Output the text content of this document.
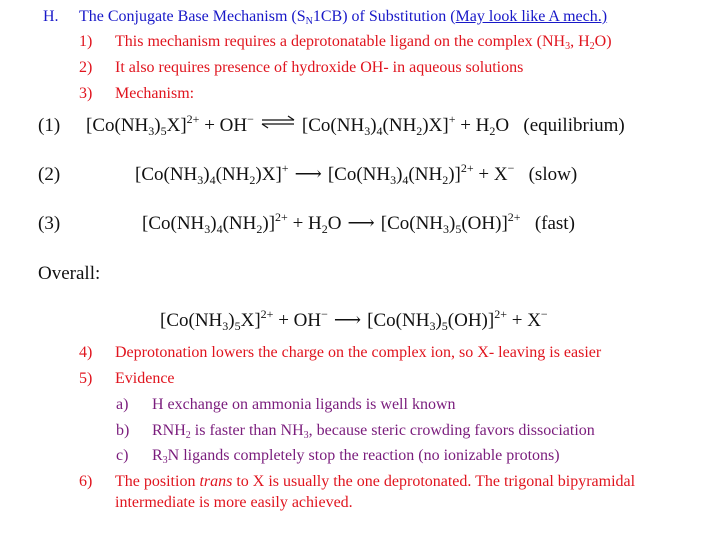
H. The Conjugate Base Mechanism $(S_N1CB)$ of Substitution (May look like A mech.)
1) This mechanism requires a deprotonatable ligand on the complex ($NH_3$, $H_2O$)
2) It also requires presence of hydroxide OH- in aqueous solutions
3) Mechanism:
(1) $[Co(NH_3)_5X]^{2+} + OH^-$ ⇌ $[Co(NH_3)_4(NH_2)X]^+ + H_2O$   (equilibrium)
(2)	$[Co(NH_3)_4(NH_2)X]^+$ ⟶ $[Co(NH_3)_4(NH_2)]^{2+} + X^-$ (slow)
(3)	$[Co(NH_3)_4(NH_2)]^{2+} + H_2O$ ⟶ $[Co(NH_3)_5(OH)]^{2+}$ (fast)
Overall:
$[Co(NH_3)_5X]^{2+} + OH^-$ ⟶ $[Co(NH_3)_5(OH)]^{2+} + X^-$
4) Deprotonation lowers the charge on the complex ion, so X- leaving is easier
5) Evidence
a) H exchange on ammonia ligands is well known
b) $RNH_2$ is faster than $NH_3$, because steric crowding favors dissociation
c) $R_3N$ ligands completely stop the reaction (no ionizable protons)
6) The position trans to X is usually the one deprotonated. The trigonal bipyramidal
intermediate is more easily achieved.
